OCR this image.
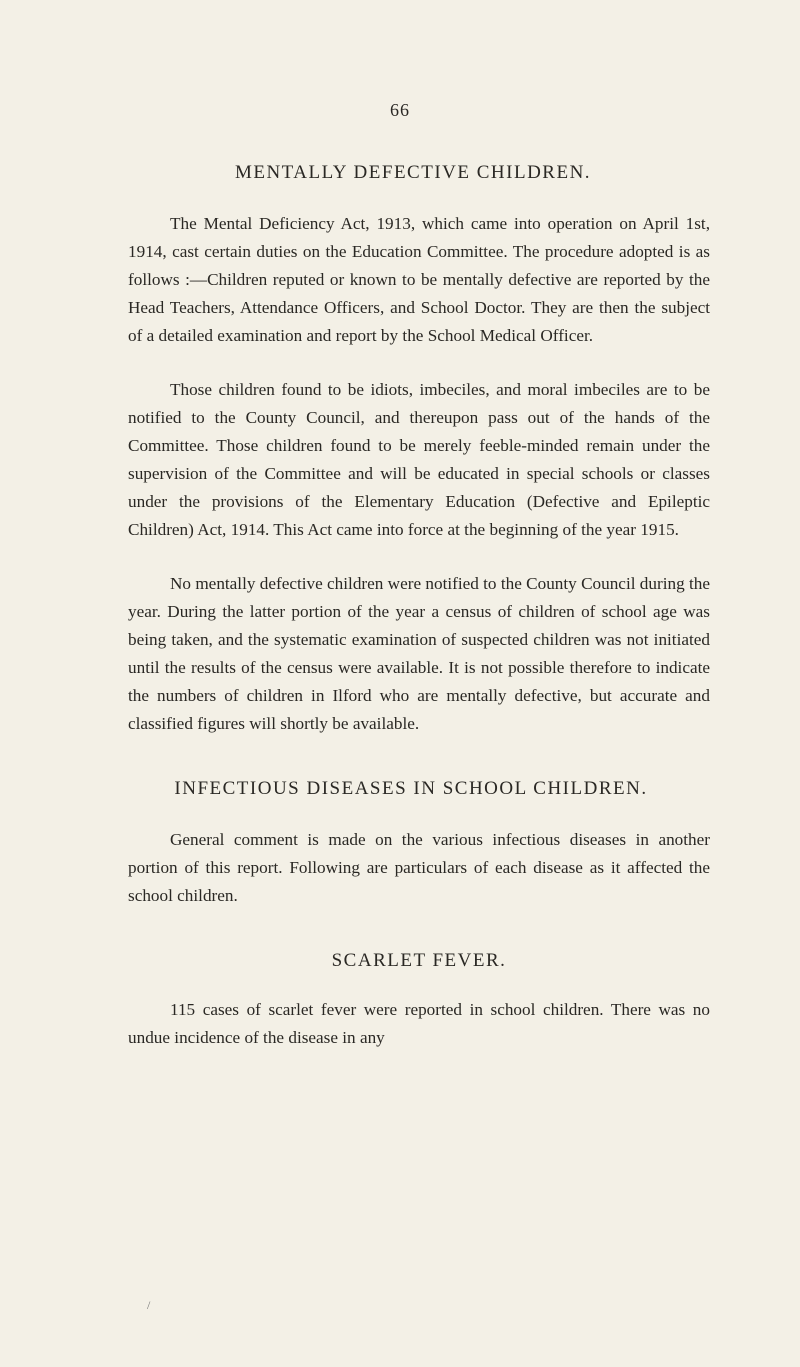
66
MENTALLY DEFECTIVE CHILDREN.

The Mental Deficiency Act, 1913, which came into operation on April 1st, 1914, cast certain duties on the Education Committee. The procedure adopted is as follows :—Children reputed or known to be mentally defective are reported by the Head Teachers, Attendance Officers, and School Doctor. They are then the subject of a detailed examination and report by the School Medical Officer.

Those children found to be idiots, imbeciles, and moral imbeciles are to be notified to the County Council, and thereupon pass out of the hands of the Committee. Those children found to be merely feeble-minded remain under the supervision of the Committee and will be educated in special schools or classes under the provisions of the Elementary Education (Defective and Epileptic Children) Act, 1914. This Act came into force at the beginning of the year 1915.

No mentally defective children were notified to the County Council during the year. During the latter portion of the year a census of children of school age was being taken, and the systematic examination of suspected children was not initiated until the results of the census were available. It is not possible therefore to indicate the numbers of children in Ilford who are mentally defective, but accurate and classified figures will shortly be available.

INFECTIOUS DISEASES IN SCHOOL CHILDREN.

General comment is made on the various infectious diseases in another portion of this report. Following are particulars of each disease as it affected the school children.

SCARLET FEVER.

115 cases of scarlet fever were reported in school children. There was no undue incidence of the disease in any

/
